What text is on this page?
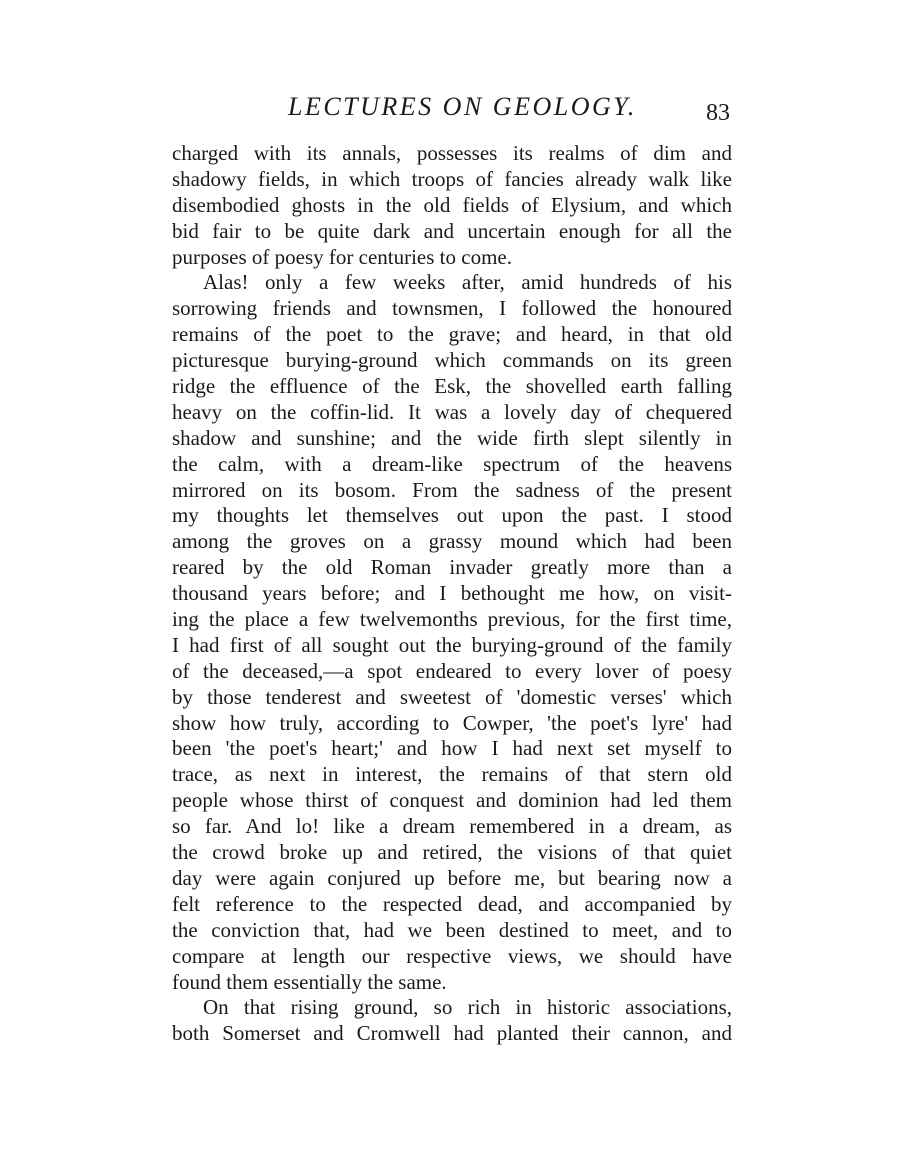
LECTURES ON GEOLOGY.	83
charged with its annals, possesses its realms of dim and
shadowy fields, in which troops of fancies already walk like
disembodied ghosts in the old fields of Elysium, and which
bid fair to be quite dark and uncertain enough for all the
purposes of poesy for centuries to come.
Alas! only a few weeks after, amid hundreds of his
sorrowing friends and townsmen, I followed the honoured
remains of the poet to the grave; and heard, in that old
picturesque burying-ground which commands on its green
ridge the effluence of the Esk, the shovelled earth falling
heavy on the coffin-lid. It was a lovely day of chequered
shadow and sunshine; and the wide firth slept silently in
the calm, with a dream-like spectrum of the heavens
mirrored on its bosom. From the sadness of the present
my thoughts let themselves out upon the past. I stood
among the groves on a grassy mound which had been
reared by the old Roman invader greatly more than a
thousand years before; and I bethought me how, on visit-
ing the place a few twelvemonths previous, for the first time,
I had first of all sought out the burying-ground of the family
of the deceased,—a spot endeared to every lover of poesy
by those tenderest and sweetest of 'domestic verses' which
show how truly, according to Cowper, 'the poet's lyre' had
been 'the poet's heart;' and how I had next set myself to
trace, as next in interest, the remains of that stern old
people whose thirst of conquest and dominion had led them
so far. And lo! like a dream remembered in a dream, as
the crowd broke up and retired, the visions of that quiet
day were again conjured up before me, but bearing now a
felt reference to the respected dead, and accompanied by
the conviction that, had we been destined to meet, and to
compare at length our respective views, we should have
found them essentially the same.
On that rising ground, so rich in historic associations,
both Somerset and Cromwell had planted their cannon, and
